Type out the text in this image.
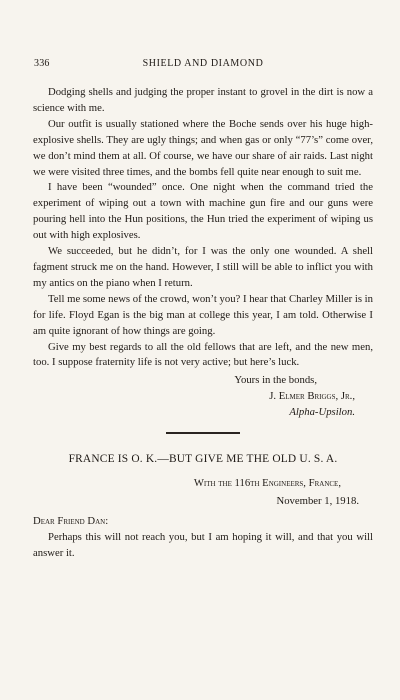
336	SHIELD AND DIAMOND

Dodging shells and judging the proper instant to grovel in the dirt is now a science with me.

Our outfit is usually stationed where the Boche sends over his huge high-explosive shells. They are ugly things; and when gas or only “77’s” come over, we don’t mind them at all. Of course, we have our share of air raids. Last night we were visited three times, and the bombs fell quite near enough to suit me.

I have been “wounded” once. One night when the command tried the experiment of wiping out a town with machine gun fire and our guns were pouring hell into the Hun positions, the Hun tried the experiment of wiping us out with high explosives.

We succeeded, but he didn’t, for I was the only one wounded. A shell fagment struck me on the hand. However, I still will be able to inflict you with my antics on the piano when I return.

Tell me some news of the crowd, won’t you? I hear that Charley Miller is in for life. Floyd Egan is the big man at college this year, I am told. Otherwise I am quite ignorant of how things are going.

Give my best regards to all the old fellows that are left, and the new men, too. I suppose fraternity life is not very active; but here’s luck.

Yours in the bonds,
J. Elmer Briggs, Jr.,
Alpha-Upsilon.
FRANCE IS O. K.—BUT GIVE ME THE OLD U. S. A.
With the 116th Engineers, France,
November 1, 1918.

Dear Friend Dan:

Perhaps this will not reach you, but I am hoping it will, and that you will answer it.
